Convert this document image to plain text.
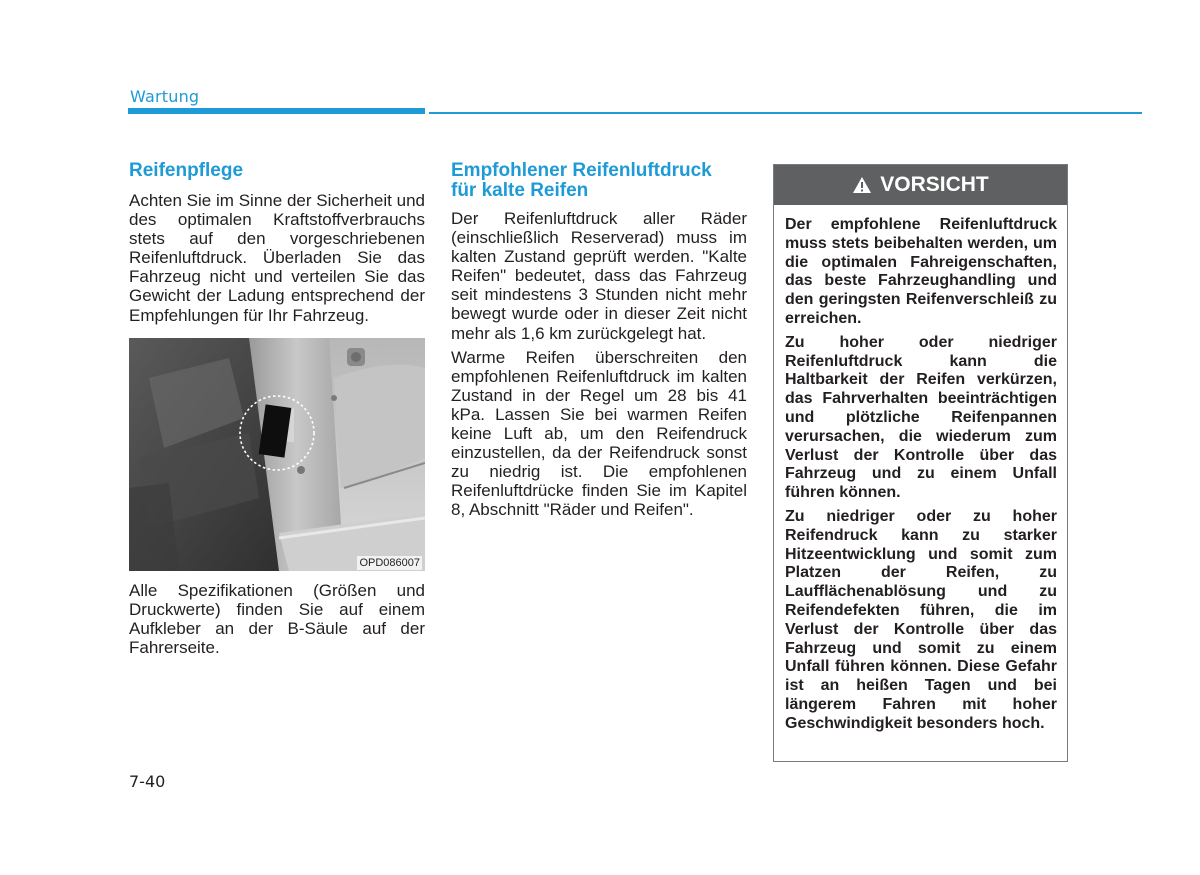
Wartung
Reifenpflege

Achten Sie im Sinne der Sicherheit und des optimalen Kraftstoffverbrauchs stets auf den vorgeschriebenen Reifenluftdruck. Überladen Sie das Fahrzeug nicht und verteilen Sie das Gewicht der Ladung entsprechend der Empfehlungen für Ihr Fahrzeug.

OPD086007

Alle Spezifikationen (Größen und Druckwerte) finden Sie auf einem Aufkleber an der B-Säule auf der Fahrerseite.

Empfohlener Reifenluftdruck
für kalte Reifen

Der Reifenluftdruck aller Räder (einschließlich Reserverad) muss im kalten Zustand geprüft werden. "Kalte Reifen" bedeutet, dass das Fahrzeug seit mindestens 3 Stunden nicht mehr bewegt wurde oder in dieser Zeit nicht mehr als 1,6 km zurückgelegt hat.

Warme Reifen überschreiten den empfohlenen Reifenluftdruck im kalten Zustand in der Regel um 28 bis 41 kPa. Lassen Sie bei warmen Reifen keine Luft ab, um den Reifendruck einzustellen, da der Reifendruck sonst zu niedrig ist. Die empfohlenen Reifenluftdrücke finden Sie im Kapitel 8, Abschnitt "Räder und Reifen".

VORSICHT

Der empfohlene Reifenluftdruck muss stets beibehalten werden, um die optimalen Fahreigenschaften, das beste Fahrzeughandling und den geringsten Reifenverschleiß zu erreichen.

Zu hoher oder niedriger Reifenluftdruck kann die Haltbarkeit der Reifen verkürzen, das Fahrverhalten beeinträchtigen und plötzliche Reifenpannen verursachen, die wiederum zum Verlust der Kontrolle über das Fahrzeug und zu einem Unfall führen können.

Zu niedriger oder zu hoher Reifendruck kann zu starker Hitzeentwicklung und somit zum Platzen der Reifen, zu Laufflächenablösung und zu Reifendefekten führen, die im Verlust der Kontrolle über das Fahrzeug und somit zu einem Unfall führen können. Diese Gefahr ist an heißen Tagen und bei längerem Fahren mit hoher Geschwindigkeit besonders hoch.

7-40
